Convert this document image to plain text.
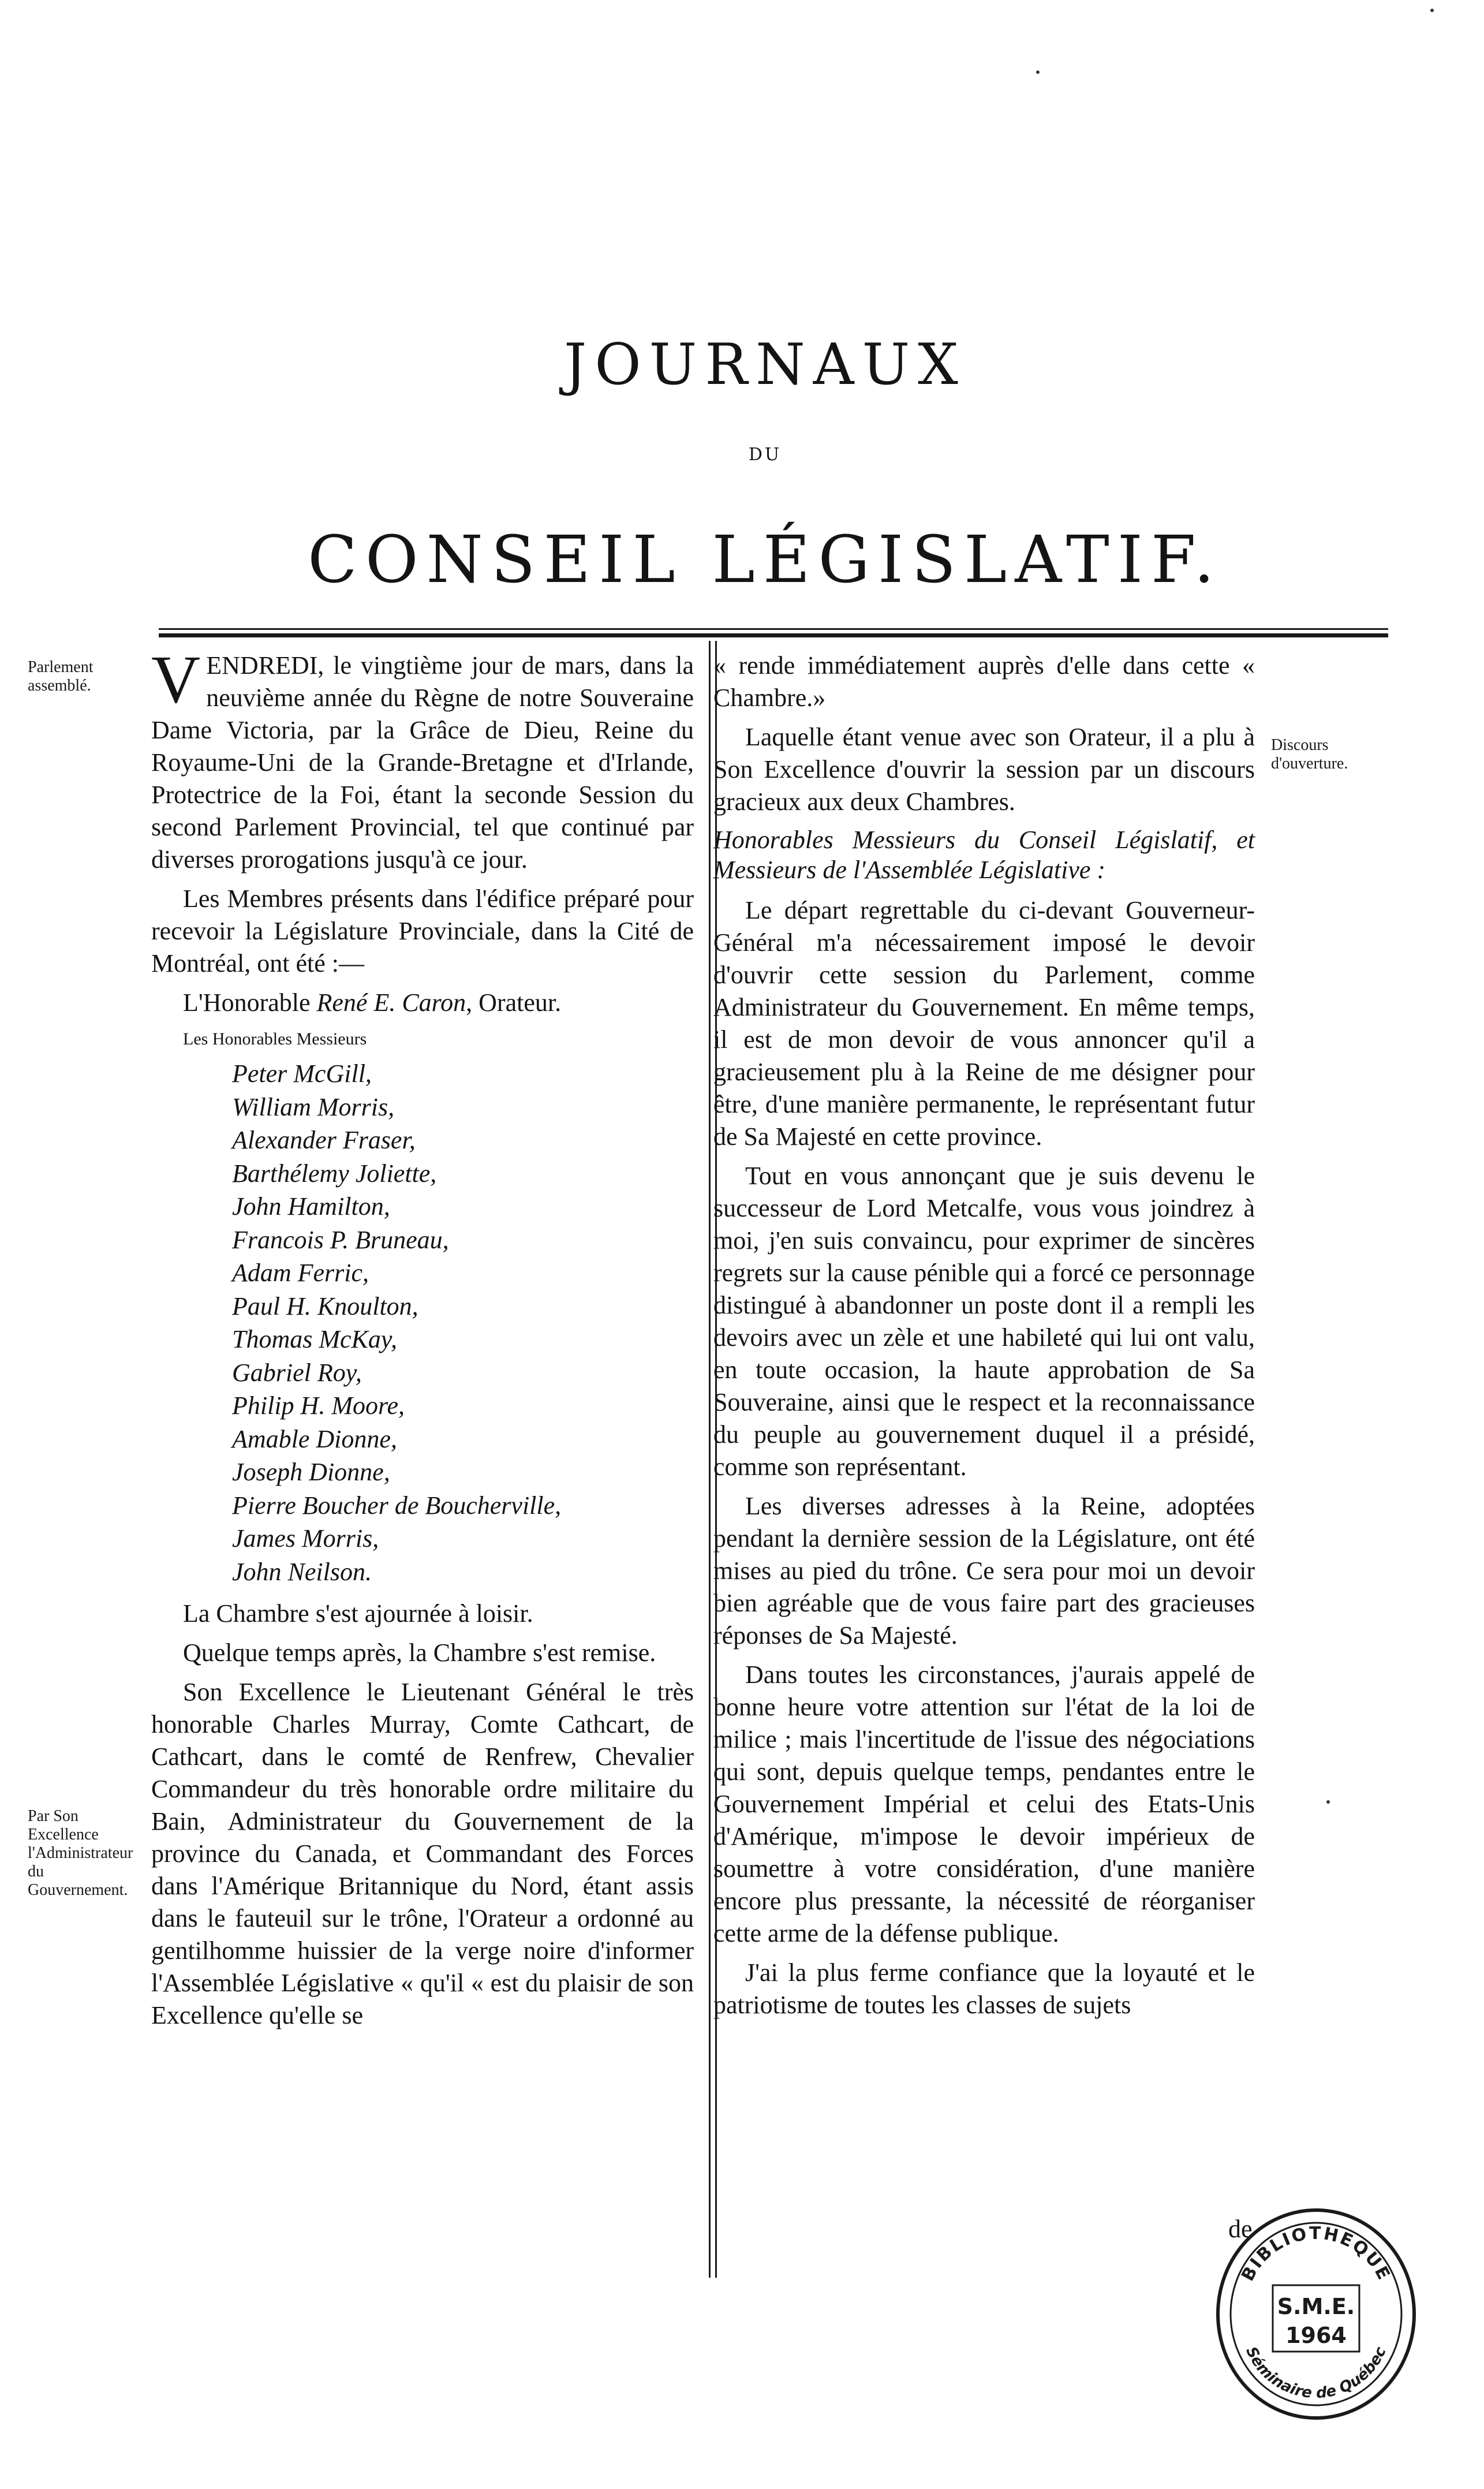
JOURNAUX
DU
CONSEIL LÉGISLATIF.
Parlement assemblé.
Par Son Excellence l'Administrateur du Gouvernement.
Discours d'ouverture.

VENDREDI, le vingtième jour de mars, dans la neuvième année du Règne de notre Souveraine Dame Victoria, par la Grâce de Dieu, Reine du Royaume-Uni de la Grande-Bretagne et d'Irlande, Protectrice de la Foi, étant la seconde Session du second Parlement Provincial, tel que continué par diverses prorogations jusqu'à ce jour.

Les Membres présents dans l'édifice préparé pour recevoir la Législature Provinciale, dans la Cité de Montréal, ont été :—

L'Honorable René E. Caron, Orateur.
Les Honorables Messieurs
Peter McGill,
William Morris,
Alexander Fraser,
Barthélemy Joliette,
John Hamilton,
Francois P. Bruneau,
Adam Ferric,
Paul H. Knoulton,
Thomas McKay,
Gabriel Roy,
Philip H. Moore,
Amable Dionne,
Joseph Dionne,
Pierre Boucher de Boucherville,
James Morris,
John Neilson.

La Chambre s'est ajournée à loisir.

Quelque temps après, la Chambre s'est remise.

Son Excellence le Lieutenant Général le très honorable Charles Murray, Comte Cathcart, de Cathcart, dans le comté de Renfrew, Chevalier Commandeur du très honorable ordre militaire du Bain, Administrateur du Gouvernement de la province du Canada, et Commandant des Forces dans l'Amérique Britannique du Nord, étant assis dans le fauteuil sur le trône, l'Orateur a ordonné au gentilhomme huissier de la verge noire d'informer l'Assemblée Législative « qu'il « est du plaisir de son Excellence qu'elle se

« rende immédiatement auprès d'elle dans cette « Chambre.»

Laquelle étant venue avec son Orateur, il a plu à Son Excellence d'ouvrir la session par un discours gracieux aux deux Chambres.

Honorables Messieurs du Conseil Législatif, et Messieurs de l'Assemblée Législative :

Le départ regrettable du ci-devant Gouverneur-Général m'a nécessairement imposé le devoir d'ouvrir cette session du Parlement, comme Administrateur du Gouvernement. En même temps, il est de mon devoir de vous annoncer qu'il a gracieusement plu à la Reine de me désigner pour être, d'une manière permanente, le représentant futur de Sa Majesté en cette province.

Tout en vous annonçant que je suis devenu le successeur de Lord Metcalfe, vous vous joindrez à moi, j'en suis convaincu, pour exprimer de sincères regrets sur la cause pénible qui a forcé ce personnage distingué à abandonner un poste dont il a rempli les devoirs avec un zèle et une habileté qui lui ont valu, en toute occasion, la haute approbation de Sa Souveraine, ainsi que le respect et la reconnaissance du peuple au gouvernement duquel il a présidé, comme son représentant.

Les diverses adresses à la Reine, adoptées pendant la dernière session de la Législature, ont été mises au pied du trône. Ce sera pour moi un devoir bien agréable que de vous faire part des gracieuses réponses de Sa Majesté.

Dans toutes les circonstances, j'aurais appelé de bonne heure votre attention sur l'état de la loi de milice ; mais l'incertitude de l'issue des négociations qui sont, depuis quelque temps, pendantes entre le Gouvernement Impérial et celui des Etats-Unis d'Amérique, m'impose le devoir impérieux de soumettre à votre considération, d'une manière encore plus pressante, la nécessité de réorganiser cette arme de la défense publique.

J'ai la plus ferme confiance que la loyauté et le patriotisme de toutes les classes de sujets

de
BIBLIOTHEQUE
S.M.E.
1964
Séminaire de Québec
